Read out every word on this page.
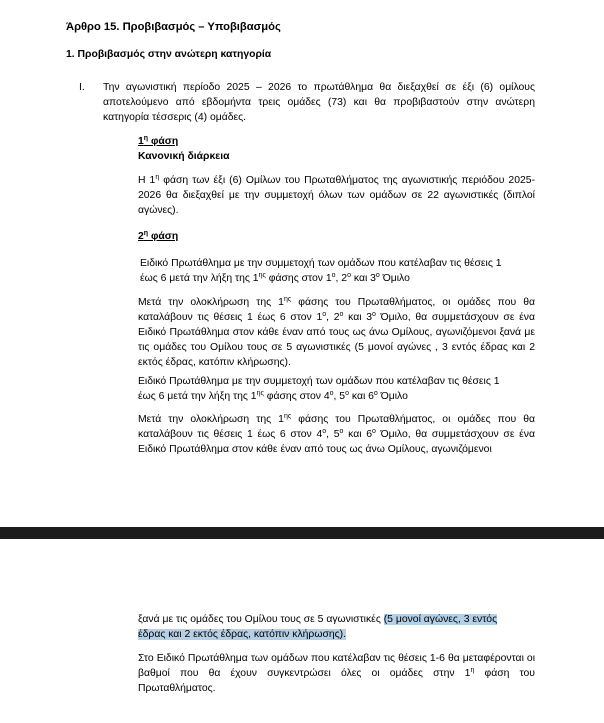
Άρθρο 15. Προβιβασμός – Υποβιβασμός
1. Προβιβασμός στην ανώτερη κατηγορία
I. Την αγωνιστική περίοδο 2025 – 2026 το πρωτάθλημα θα διεξαχθεί σε έξι (6) ομίλους αποτελούμενο από εβδομήντα τρεις ομάδες (73) και θα προβιβαστούν στην ανώτερη κατηγορία τέσσερις (4) ομάδες.
$1^\eta$ φάση
Κανονική διάρκεια
Η $1^\eta$ φάση των έξι (6) Ομίλων του Πρωταθλήματος της αγωνιστικής περιόδου 2025-2026 θα διεξαχθεί με την συμμετοχή όλων των ομάδων σε 22 αγωνιστικές (διπλοί αγώνες).
$2^\eta$ φάση
Ειδικό Πρωτάθλημα με την συμμετοχή των ομάδων που κατέλαβαν τις θέσεις 1
έως 6 μετά την λήξη της $1^{\eta\varsigma}$ φάσης στον $1^o$, $2^o$ και $3^o$ Όμιλο
Μετά την ολοκλήρωση της $1^{\eta\varsigma}$ φάσης του Πρωταθλήματος, οι ομάδες που θα καταλάβουν τις θέσεις 1 έως 6 στον $1^o$, $2^o$ και $3^o$ Όμιλο, θα συμμετάσχουν σε ένα Ειδικό Πρωτάθλημα στον κάθε έναν από τους ως άνω Ομίλους, αγωνιζόμενοι ξανά με τις ομάδες του Ομίλου τους σε 5 αγωνιστικές (5 μονοί αγώνες , 3 εντός έδρας και 2 εκτός έδρας, κατόπιν κλήρωσης).
Ειδικό Πρωτάθλημα με την συμμετοχή των ομάδων που κατέλαβαν τις θέσεις 1
έως 6 μετά την λήξη της $1^{\eta\varsigma}$ φάσης στον $4^o$, $5^o$ και $6^o$ Όμιλο
Μετά την ολοκλήρωση της $1^{\eta\varsigma}$ φάσης του Πρωταθλήματος, οι ομάδες που θα καταλάβουν τις θέσεις 1 έως 6 στον $4^o$, $5^o$ και $6^o$ Όμιλο, θα συμμετάσχουν σε ένα Ειδικό Πρωτάθλημα στον κάθε έναν από τους ως άνω Ομίλους, αγωνιζόμενοι
ξανά με τις ομάδες του Ομίλου τους σε 5 αγωνιστικές (5 μονοί αγώνες, 3 εντός
έδρας και 2 εκτός έδρας, κατόπιν κλήρωσης).
Στο Ειδικό Πρωτάθλημα των ομάδων που κατέλαβαν τις θέσεις 1-6 θα μεταφέρονται οι βαθμοί που θα έχουν συγκεντρώσει όλες οι ομάδες στην $1^\eta$ φάση του Πρωταθλήματος.
